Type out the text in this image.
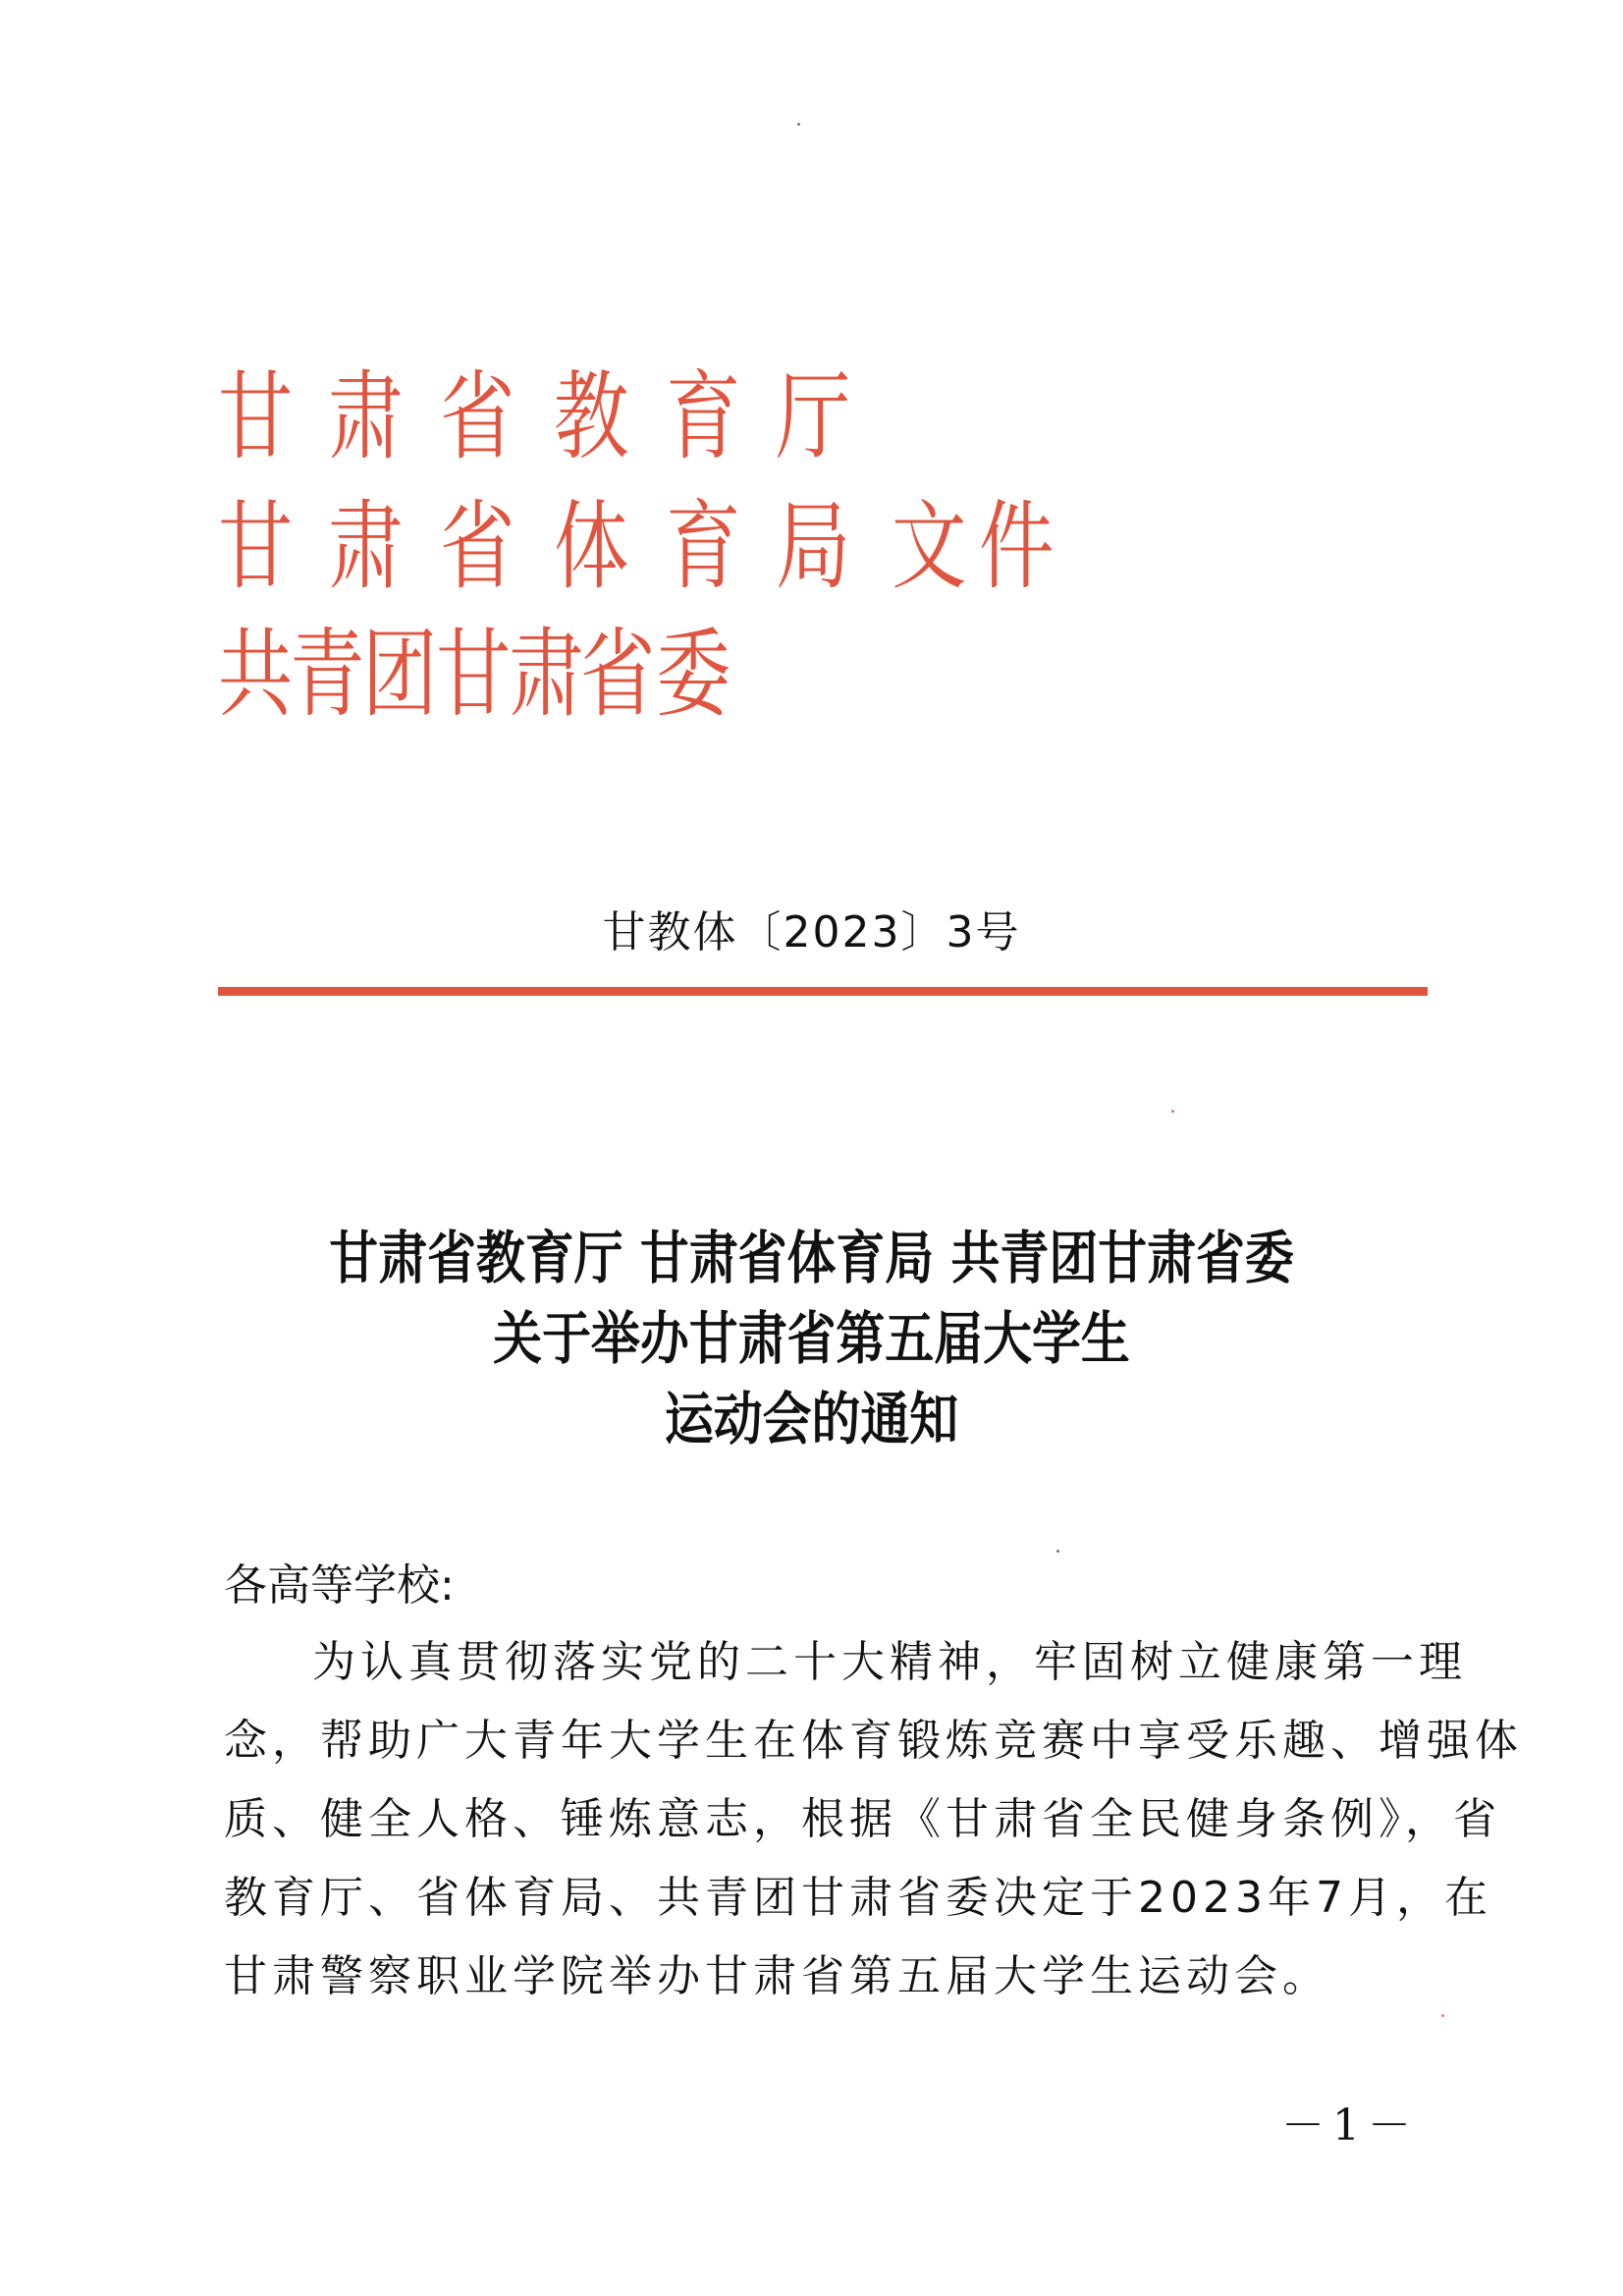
甘 肃 省 教 育 厅
甘 肃 省 体 育 局 文 件
共
青
团
甘
肃
省 委
甘教体〔2023〕3号
甘肃省教育厅 甘肃省体育局 共青团甘肃省委
关于举办甘肃省第五届大学生
运动会的通知
各高等学校:
为认真贯彻落实党的二十大精神，牢固树立健康第一理
念，帮助广大青年大学生在体育锻炼竞赛中享受乐趣、增强体
质、健全人格、锤炼意志，根据《甘肃省全民健身条例》，省
教育厅、省体育局、共青团甘肃省委决定于2023年7月，在
甘肃警察职业学院举办甘肃省第五届大学生运动会。
－1－
